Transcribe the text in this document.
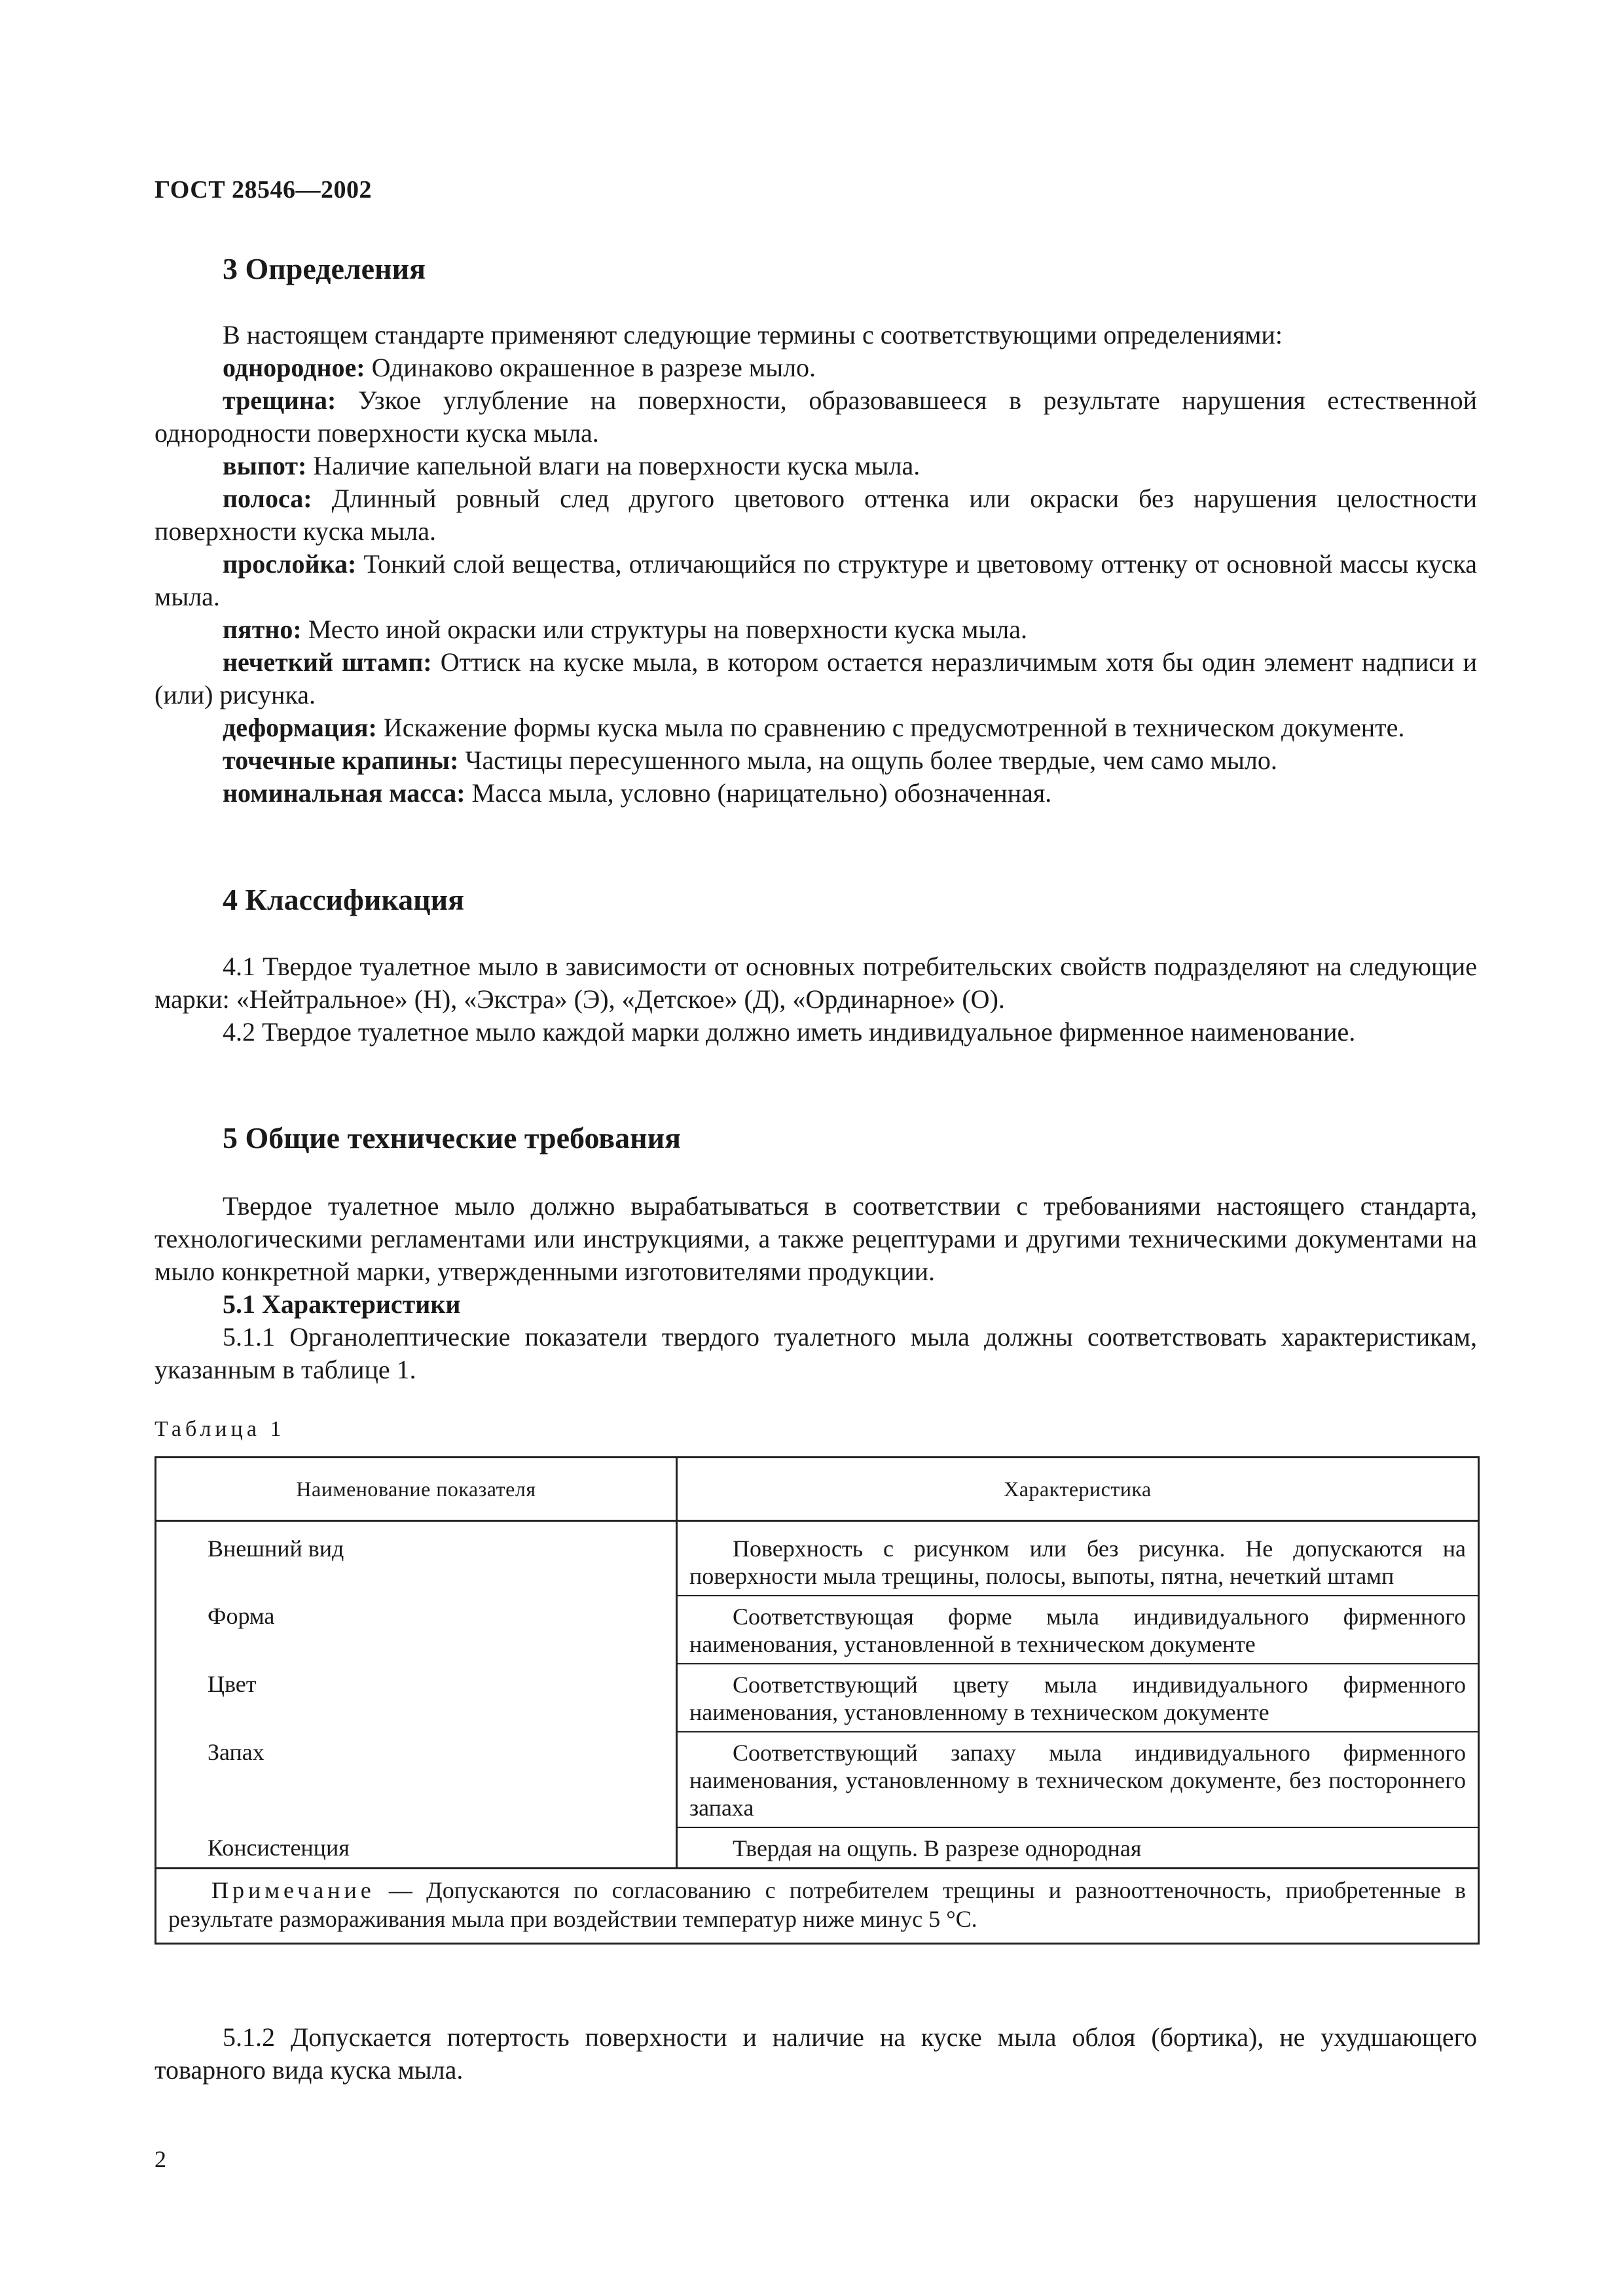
ГОСТ 28546—2002
3 Определения
В настоящем стандарте применяют следующие термины с соответствующими определениями:
однородное: Одинаково окрашенное в разрезе мыло.
трещина: Узкое углубление на поверхности, образовавшееся в результате нарушения естественной однородности поверхности куска мыла.
выпот: Наличие капельной влаги на поверхности куска мыла.
полоса: Длинный ровный след другого цветового оттенка или окраски без нарушения целостности поверхности куска мыла.
прослойка: Тонкий слой вещества, отличающийся по структуре и цветовому оттенку от основной массы куска мыла.
пятно: Место иной окраски или структуры на поверхности куска мыла.
нечеткий штамп: Оттиск на куске мыла, в котором остается неразличимым хотя бы один элемент надписи и (или) рисунка.
деформация: Искажение формы куска мыла по сравнению с предусмотренной в техническом документе.
точечные крапины: Частицы пересушенного мыла, на ощупь более твердые, чем само мыло.
номинальная масса: Масса мыла, условно (нарицательно) обозначенная.
4 Классификация
4.1 Твердое туалетное мыло в зависимости от основных потребительских свойств подразделяют на следующие марки: «Нейтральное» (Н), «Экстра» (Э), «Детское» (Д), «Ординарное» (О).
4.2 Твердое туалетное мыло каждой марки должно иметь индивидуальное фирменное наименование.
5 Общие технические требования
Твердое туалетное мыло должно вырабатываться в соответствии с требованиями настоящего стандарта, технологическими регламентами или инструкциями, а также рецептурами и другими техническими документами на мыло конкретной марки, утвержденными изготовителями продукции.
5.1 Характеристики
5.1.1 Органолептические показатели твердого туалетного мыла должны соответствовать характеристикам, указанным в таблице 1.
Таблица 1
Наименование показателя	Характеристика
Внешний вид	Поверхность с рисунком или без рисунка. Не допускаются на поверхности мыла трещины, полосы, выпоты, пятна, нечеткий штамп
Форма	Соответствующая форме мыла индивидуального фирменного наименования, установленной в техническом документе
Цвет	Соответствующий цвету мыла индивидуального фирменного наименования, установленному в техническом документе
Запах	Соответствующий запаху мыла индивидуального фирменного наименования, установленному в техническом документе, без постороннего запаха
Консистенция	Твердая на ощупь. В разрезе однородная
Примечание — Допускаются по согласованию с потребителем трещины и разнооттеночность, приобретенные в результате размораживания мыла при воздействии температур ниже минус 5 °С.	
5.1.2 Допускается потертость поверхности и наличие на куске мыла облоя (бортика), не ухудшающего товарного вида куска мыла.
2
